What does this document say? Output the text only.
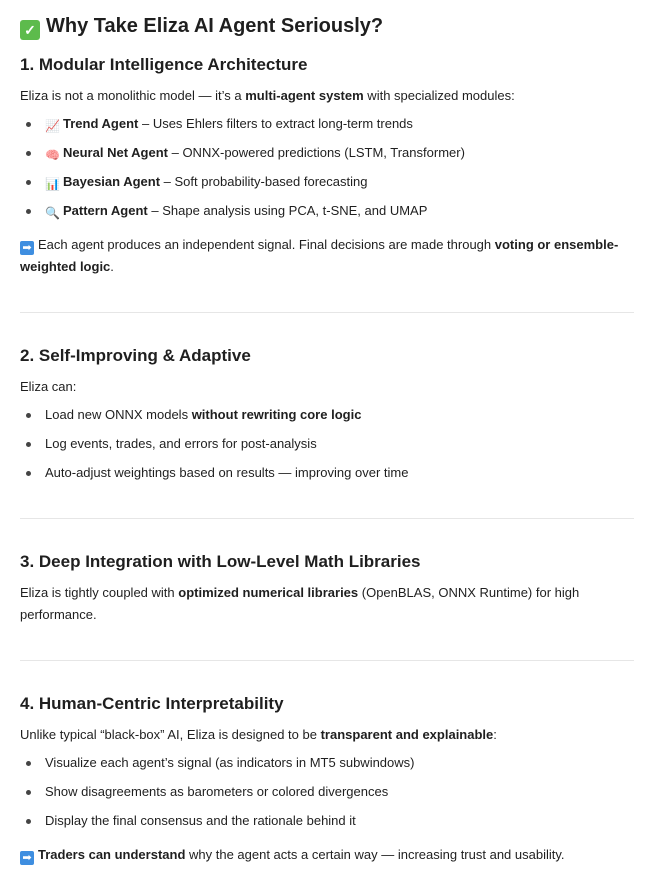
✓ Why Take Eliza AI Agent Seriously?
1. Modular Intelligence Architecture

Eliza is not a monolithic model — it’s a multi-agent system with specialized modules:

📈 Trend Agent – Uses Ehlers filters to extract long-term trends
🧠 Neural Net Agent – ONNX-powered predictions (LSTM, Transformer)
📊 Bayesian Agent – Soft probability-based forecasting
🔍 Pattern Agent – Shape analysis using PCA, t-SNE, and UMAP

➡ Each agent produces an independent signal. Final decisions are made through voting or ensemble-weighted logic.

2. Self-Improving & Adaptive

Eliza can:

Load new ONNX models without rewriting core logic
Log events, trades, and errors for post-analysis
Auto-adjust weightings based on results — improving over time
3. Deep Integration with Low-Level Math Libraries

Eliza is tightly coupled with optimized numerical libraries (OpenBLAS, ONNX Runtime) for high performance.

4. Human-Centric Interpretability

Unlike typical “black-box” AI, Eliza is designed to be transparent and explainable:

Visualize each agent’s signal (as indicators in MT5 subwindows)
Show disagreements as barometers or colored divergences
Display the final consensus and the rationale behind it

➡ Traders can understand why the agent acts a certain way — increasing trust and usability.
